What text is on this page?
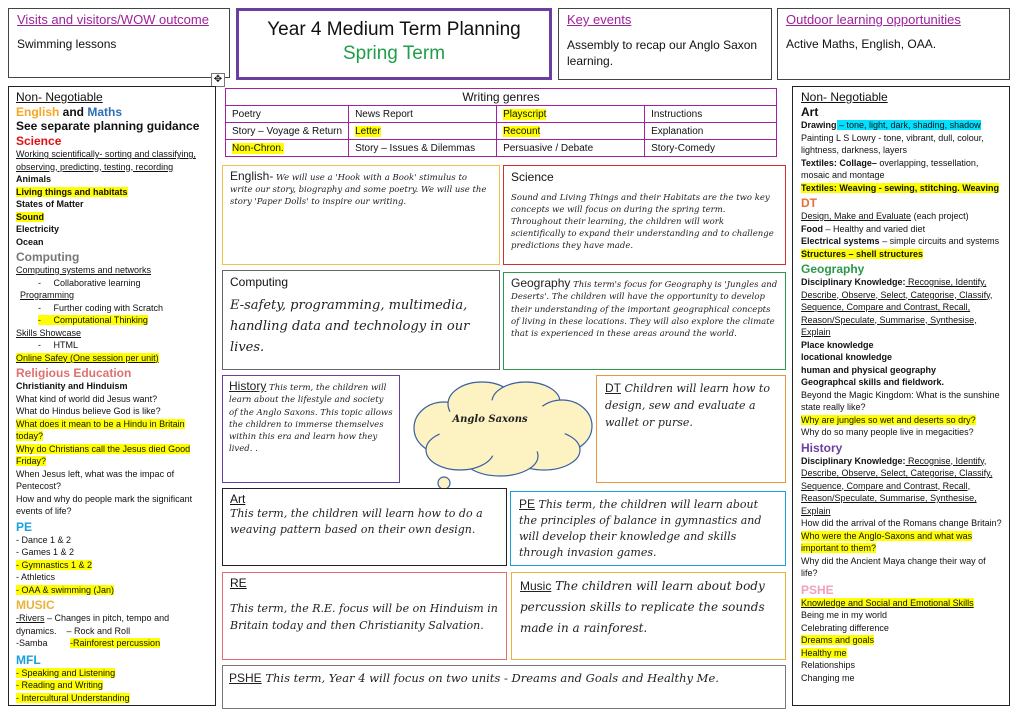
Visits and visitors/WOW outcome
Swimming lessons
Year 4 Medium Term Planning
Spring Term
Key events
Assembly to recap our Anglo Saxon learning.
Outdoor learning opportunities
Active Maths, English, OAA.
✥
Non- Negotiable
English and Maths
See separate planning guidance
Science
Working scientifically- sorting and classifying, observing, predicting, testing, recording
Animals
Living things and habitats
States of Matter
Sound
Electricity
Ocean
Computing
Computing systems and networks
-     Collaborative learning
Programming
-     Further coding with Scratch
-     Computational Thinking
Skills Showcase
-     HTML
Online Safey (One session per unit)
Religious Education
Christianity and Hinduism
What kind of world did Jesus want?
What do Hindus believe God is like?
What does it mean to be a Hindu in Britain today?
Why do Christians call the Jesus died Good Friday?
When Jesus left, what was the impac of Pentecost?
How and why do people mark the significant events of life?
PE
- Dance 1 & 2
- Games 1 & 2
- Gymnastics 1 & 2
- Athletics
- OAA & swimming (Jan)
MUSIC
-Rivers – Changes in pitch, tempo and dynamics. – Rock and Roll
-Samba	-Rainforest percussion
MFL
- Speaking and Listening
- Reading and Writing
- Intercultural Understanding
Writing genres			
Poetry	News Report	Playscript	Instructions
Story – Voyage & Return	Letter	Recount	Explanation
Non-Chron.	Story – Issues & Dilemmas	Persuasive / Debate	Story-Comedy
English- We will use a 'Hook with a Book' stimulus to write our story, biography and some poetry. We will use the story 'Paper Dolls' to inspire our writing.
Science
Sound and Living Things and their Habitats are the two key concepts we will focus on during the spring term. Throughout their learning, the children will work scientifically to expand their understanding and to challenge predictions they have made.
Computing
E-safety, programming, multimedia, handling data and technology in our lives.
Geography This term's focus for Geography is 'Jungles and Deserts'. The children will have the opportunity to develop their understanding of the important geographical concepts of living in these locations. They will also explore the climate that is experienced in these areas around the world.
History This term, the children will learn about the lifestyle and society of the Anglo Saxons. This topic allows the children to immerse themselves within this era and learn how they lived. .
DT Children will learn how to design, sew and evaluate a wallet or purse.
Anglo Saxons
Art
This term, the children will learn how to do a weaving pattern based on their own design.
PE This term, the children will learn about the principles of balance in gymnastics and will develop their knowledge and skills through invasion games.
RE
This term, the R.E. focus will be on Hinduism in Britain today and then Christianity Salvation.
Music The children will learn about body percussion skills to replicate the sounds made in a rainforest.
PSHE This term, Year 4 will focus on two units - Dreams and Goals and Healthy Me.
Non- Negotiable
Art
Drawing – tone, light, dark, shading, shadow
Painting L S Lowry - tone, vibrant, dull, colour, lightness, darkness, layers
Textiles: Collage– overlapping, tessellation, mosaic and montage
Textiles: Weaving - sewing, stitching. Weaving
DT
Design, Make and Evaluate (each project)
Food – Healthy and varied diet
Electrical systems – simple circuits and systems
Structures – shell structures
Geography
Disciplinary Knowledge: Recognise, Identify, Describe, Observe, Select, Categorise, Classify, Sequence, Compare and Contrast, Recall, Reason/Speculate, Summarise, Synthesise, Explain
Place knowledge
locational knowledge
human and physical geography
Geographcal skills and fieldwork.
Beyond the Magic Kingdom: What is the sunshine state really like?
Why are jungles so wet and deserts so dry?
Why do so many people live in megacities?
History
Disciplinary Knowledge: Recognise, Identify, Describe, Observe, Select, Categorise, Classify, Sequence, Compare and Contrast, Recall, Reason/Speculate, Summarise, Synthesise, Explain
How did the arrival of the Romans change Britain?
Who were the Anglo-Saxons and what was important to them?
Why did the Ancient Maya change their way of life?
PSHE
Knowledge and Social and Emotional Skills
Being me in my world
Celebrating difference
Dreams and goals
Healthy me
Relationships
Changing me
